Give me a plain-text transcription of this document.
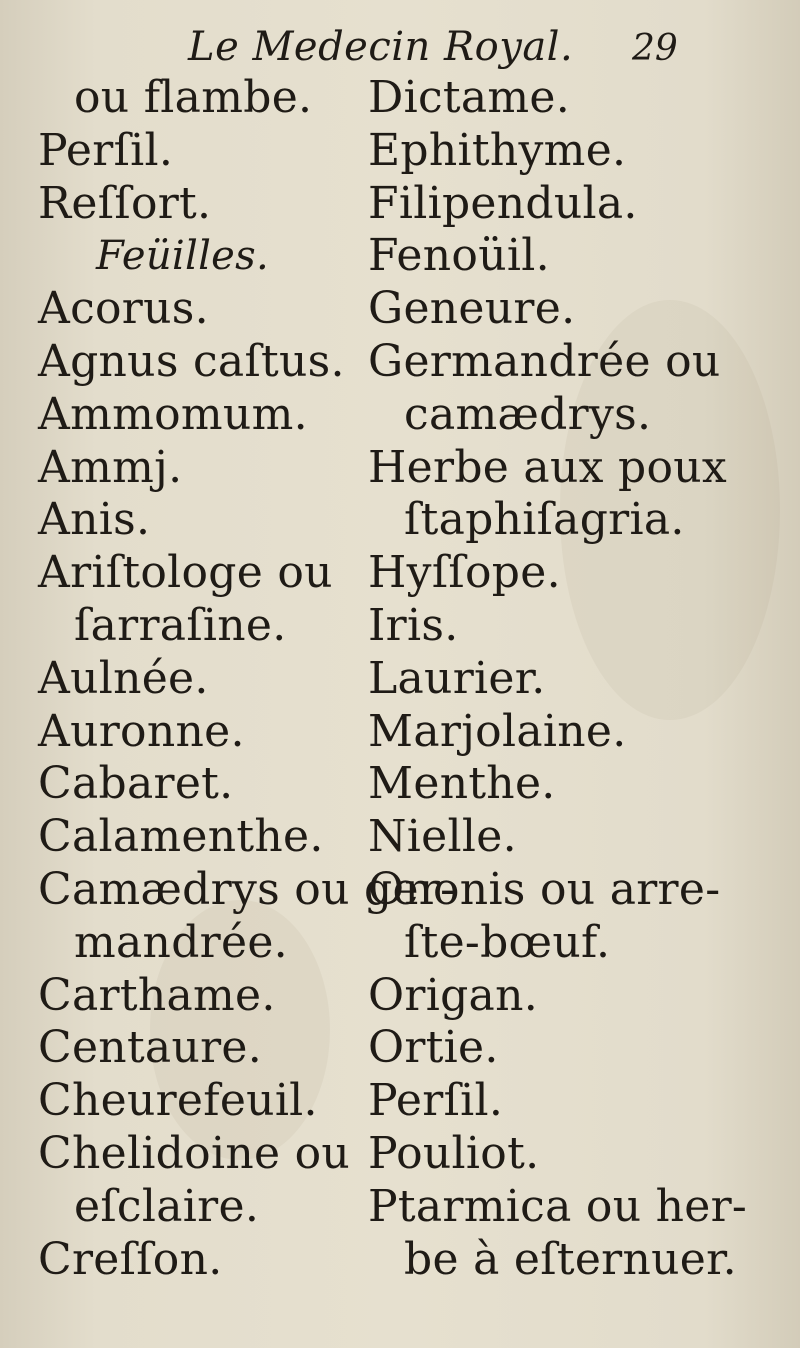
Le Medecin Royal. 29
ou flambe.
Perſil.
Reſſort.
Feüilles.
Acorus.
Agnus caſtus.
Ammomum.
Ammj.
Anis.
Ariſtologe ou
ſarraſine.
Aulnée.
Auronne.
Cabaret.
Calamenthe.
Camædrys ou ger-
mandrée.
Carthame.
Centaure.
Cheurefeuil.
Chelidoine ou
eſclaire.
Creſſon.
Dictame.
Ephithyme.
Filipendula.
Fenoüil.
Geneure.
Germandrée ou
camædrys.
Herbe aux poux
ſtaphiſagria.
Hyſſope.
Iris.
Laurier.
Marjolaine.
Menthe.
Nielle.
Ononis ou arre-
ſte-bœuf.
Origan.
Ortie.
Perſil.
Pouliot.
Ptarmica ou her-
be à eſternuer.
